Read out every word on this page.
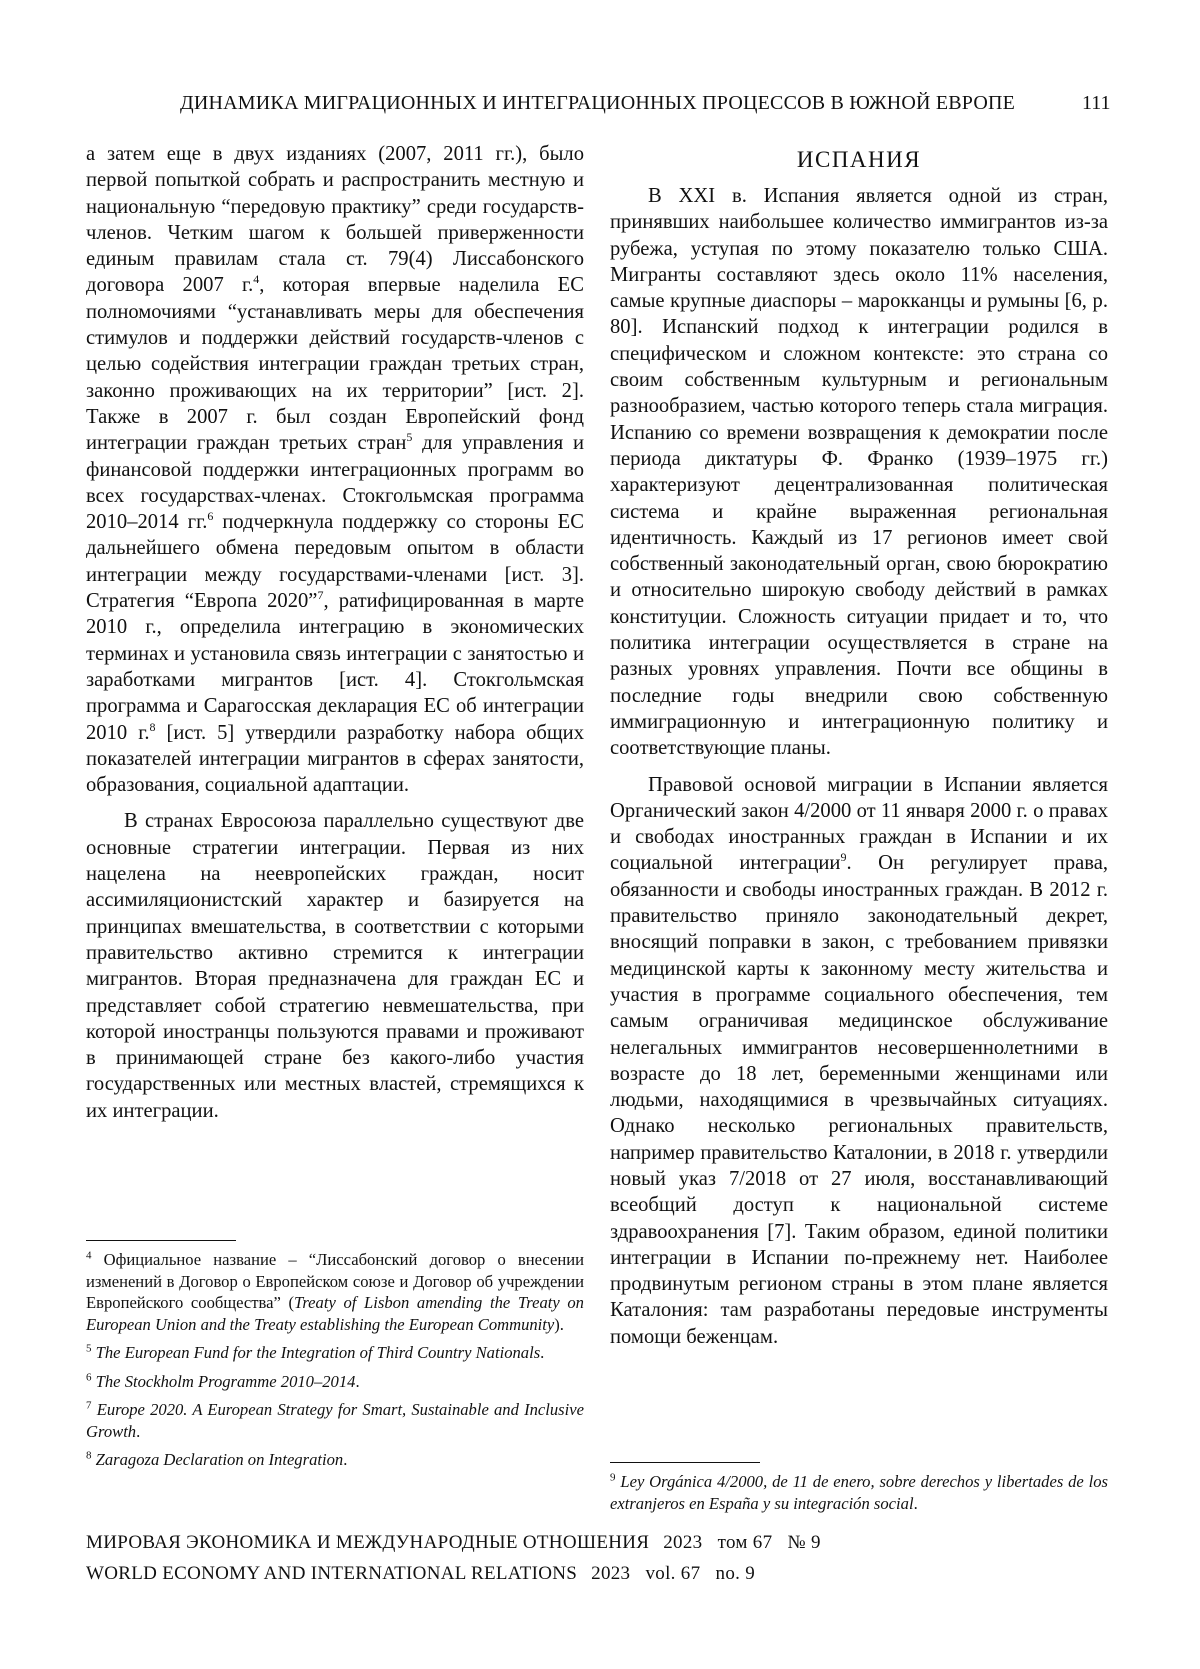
ДИНАМИКА МИГРАЦИОННЫХ И ИНТЕГРАЦИОННЫХ ПРОЦЕССОВ В ЮЖНОЙ ЕВРОПЕ	111

а затем еще в двух изданиях (2007, 2011 гг.), было первой попыткой собрать и распространить местную и национальную “передовую практику” среди государств-членов. Четким шагом к большей приверженности единым правилам стала ст. 79(4) Лиссабонского договора 2007 г.$^4$, которая впервые наделила ЕС полномочиями “устанавливать меры для обеспечения стимулов и поддержки действий государств-членов с целью содействия интеграции граждан третьих стран, законно проживающих на их территории” [ист. 2]. Также в 2007 г. был создан Европейский фонд интеграции граждан третьих стран$^5$ для управления и финансовой поддержки интеграционных программ во всех государствах-членах. Стокгольмская программа 2010–2014 гг.$^6$ подчеркнула поддержку со стороны ЕС дальнейшего обмена передовым опытом в области интеграции между государствами-членами [ист. 3]. Стратегия “Европа 2020”$^7$, ратифицированная в марте 2010 г., определила интеграцию в экономических терминах и установила связь интеграции с занятостью и заработками мигрантов [ист. 4]. Стокгольмская программа и Сарагосская декларация ЕС об интеграции 2010 г.$^8$ [ист. 5] утвердили разработку набора общих показателей интеграции мигрантов в сферах занятости, образования, социальной адаптации.

В странах Евросоюза параллельно существуют две основные стратегии интеграции. Первая из них нацелена на неевропейских граждан, носит ассимиляционистский характер и базируется на принципах вмешательства, в соответствии с которыми правительство активно стремится к интеграции мигрантов. Вторая предназначена для граждан ЕС и представляет собой стратегию невмешательства, при которой иностранцы пользуются правами и проживают в принимающей стране без какого-либо участия государственных или местных властей, стремящихся к их интеграции.

$^4$ Официальное название – “Лиссабонский договор о внесении изменений в Договор о Европейском союзе и Договор об учреждении Европейского сообщества” (Treaty of Lisbon amending the Treaty on European Union and the Treaty establishing the European Community).

$^5$ The European Fund for the Integration of Third Country Nationals.

$^6$ The Stockholm Programme 2010–2014.

$^7$ Europe 2020. A European Strategy for Smart, Sustainable and Inclusive Growth.

$^8$ Zaragoza Declaration on Integration.

ИСПАНИЯ

В XXI в. Испания является одной из стран, принявших наибольшее количество иммигрантов из-за рубежа, уступая по этому показателю только США. Мигранты составляют здесь около 11% населения, самые крупные диаспоры – марокканцы и румыны [6, p. 80]. Испанский подход к интеграции родился в специфическом и сложном контексте: это страна со своим собственным культурным и региональным разнообразием, частью которого теперь стала миграция. Испанию со времени возвращения к демократии после периода диктатуры Ф. Франко (1939–1975 гг.) характеризуют децентрализованная политическая система и крайне выраженная региональная идентичность. Каждый из 17 регионов имеет свой собственный законодательный орган, свою бюрократию и относительно широкую свободу действий в рамках конституции. Сложность ситуации придает и то, что политика интеграции осуществляется в стране на разных уровнях управления. Почти все общины в последние годы внедрили свою собственную иммиграционную и интеграционную политику и соответствующие планы.

Правовой основой миграции в Испании является Органический закон 4/2000 от 11 января 2000 г. о правах и свободах иностранных граждан в Испании и их социальной интеграции$^9$. Он регулирует права, обязанности и свободы иностранных граждан. В 2012 г. правительство приняло законодательный декрет, вносящий поправки в закон, с требованием привязки медицинской карты к законному месту жительства и участия в программе социального обеспечения, тем самым ограничивая медицинское обслуживание нелегальных иммигрантов несовершеннолетними в возрасте до 18 лет, беременными женщинами или людьми, находящимися в чрезвычайных ситуациях. Однако несколько региональных правительств, например правительство Каталонии, в 2018 г. утвердили новый указ 7/2018 от 27 июля, восстанавливающий всеобщий доступ к национальной системе здравоохранения [7]. Таким образом, единой политики интеграции в Испании по-прежнему нет. Наиболее продвинутым регионом страны в этом плане является Каталония: там разработаны передовые инструменты помощи беженцам.

$^9$ Ley Orgánica 4/2000, de 11 de enero, sobre derechos y libertades de los extranjeros en España y su integración social.

МИРОВАЯ ЭКОНОМИКА И МЕЖДУНАРОДНЫЕ ОТНОШЕНИЯ 2023   том 67   № 9
WORLD ECONOMY AND INTERNATIONAL RELATIONS 2023   vol. 67   no. 9
